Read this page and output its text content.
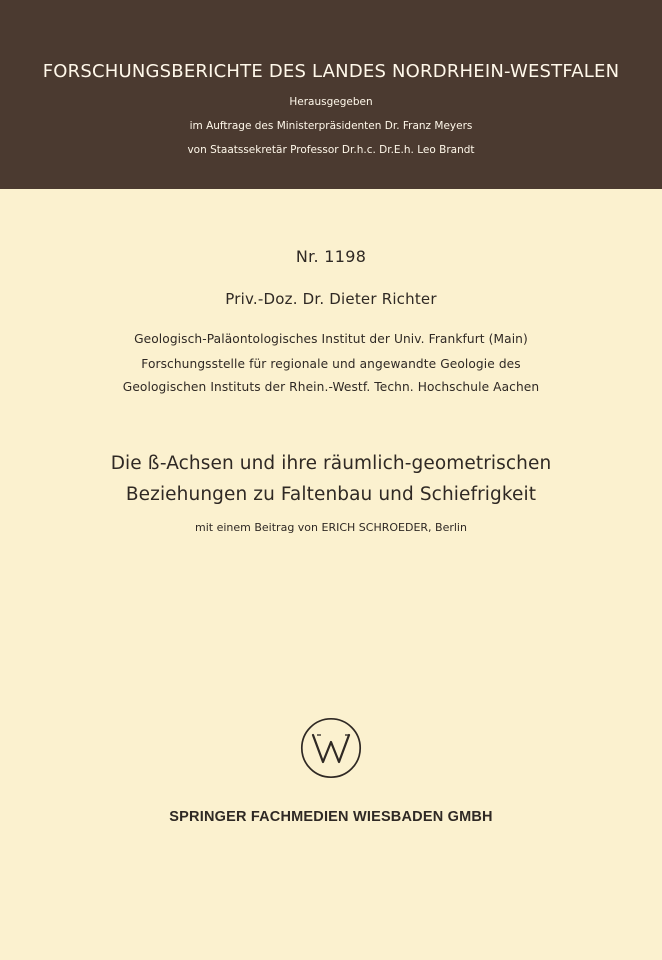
FORSCHUNGSBERICHTE DES LANDES NORDRHEIN-WESTFALEN
Herausgegeben
im Auftrage des Ministerpräsidenten Dr. Franz Meyers
von Staatssekretär Professor Dr.h.c. Dr.E.h. Leo Brandt
Nr. 1198
Priv.-Doz. Dr. Dieter Richter
Geologisch-Paläontologisches Institut der Univ. Frankfurt (Main)
Forschungsstelle für regionale und angewandte Geologie des
Geologischen Instituts der Rhein.-Westf. Techn. Hochschule Aachen
Die ß-Achsen und ihre räumlich-geometrischen
Beziehungen zu Faltenbau und Schiefrigkeit
mit einem Beitrag von ERICH SCHROEDER, Berlin
SPRINGER FACHMEDIEN WIESBADEN GMBH
